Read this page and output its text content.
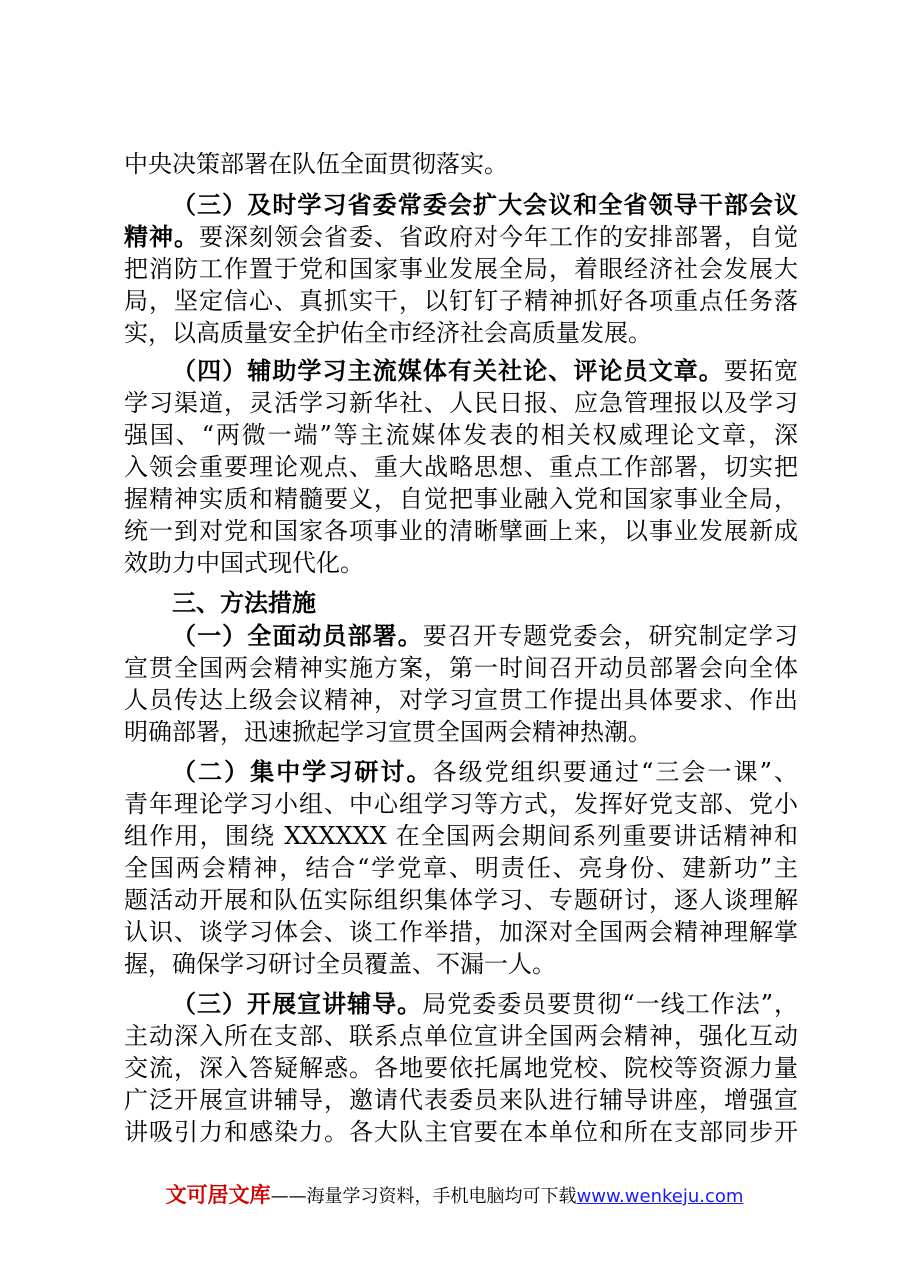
中央决策部署在队伍全面贯彻落实。
（三）及时学习省委常委会扩大会议和全省领导干部会议
精神。要深刻领会省委、省政府对今年工作的安排部署，自觉
把消防工作置于党和国家事业发展全局，着眼经济社会发展大
局，坚定信心、真抓实干，以钉钉子精神抓好各项重点任务落
实，以高质量安全护佑全市经济社会高质量发展。
（四）辅助学习主流媒体有关社论、评论员文章。要拓宽
学习渠道，灵活学习新华社、人民日报、应急管理报以及学习
强国、“两微一端”等主流媒体发表的相关权威理论文章，深
入领会重要理论观点、重大战略思想、重点工作部署，切实把
握精神实质和精髓要义，自觉把事业融入党和国家事业全局，
统一到对党和国家各项事业的清晰擘画上来，以事业发展新成
效助力中国式现代化。
三、方法措施
（一）全面动员部署。要召开专题党委会，研究制定学习
宣贯全国两会精神实施方案，第一时间召开动员部署会向全体
人员传达上级会议精神，对学习宣贯工作提出具体要求、作出
明确部署，迅速掀起学习宣贯全国两会精神热潮。
（二）集中学习研讨。各级党组织要通过“三会一课”、
青年理论学习小组、中心组学习等方式，发挥好党支部、党小
组作用，围绕 XXXXXX 在全国两会期间系列重要讲话精神和
全国两会精神，结合“学党章、明责任、亮身份、建新功”主
题活动开展和队伍实际组织集体学习、专题研讨，逐人谈理解
认识、谈学习体会、谈工作举措，加深对全国两会精神理解掌
握，确保学习研讨全员覆盖、不漏一人。
（三）开展宣讲辅导。局党委委员要贯彻“一线工作法”，
主动深入所在支部、联系点单位宣讲全国两会精神，强化互动
交流，深入答疑解惑。各地要依托属地党校、院校等资源力量
广泛开展宣讲辅导，邀请代表委员来队进行辅导讲座，增强宣
讲吸引力和感染力。各大队主官要在本单位和所在支部同步开
文可居文库——海量学习资料，手机电脑均可下载www.wenkeju.com
